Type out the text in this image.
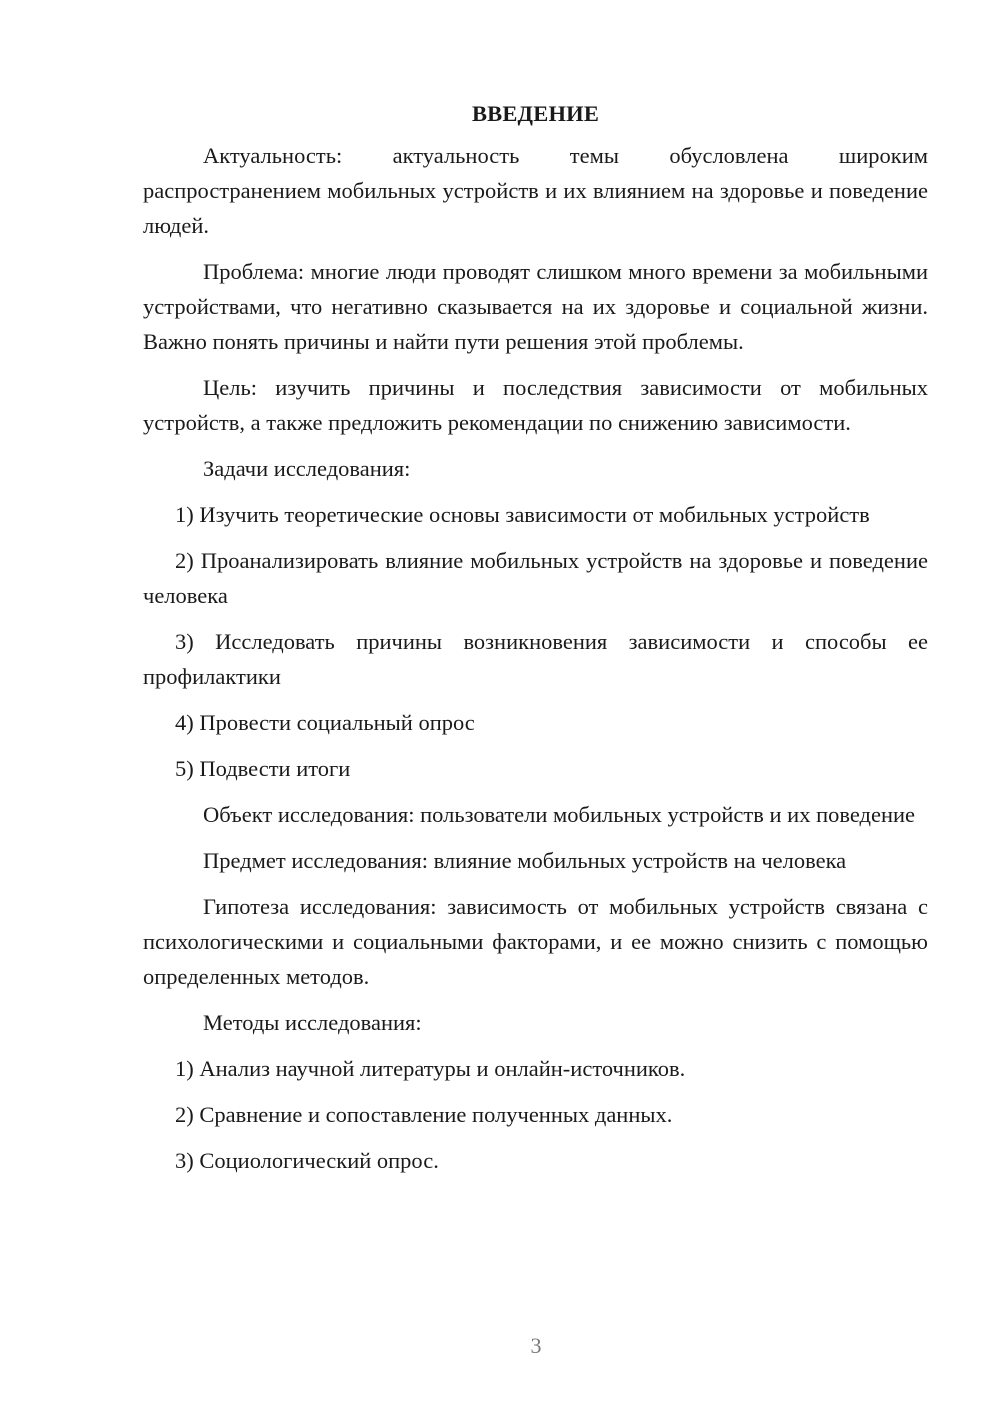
ВВЕДЕНИЕ

Актуальность: актуальность темы обусловлена широким распространением мобильных устройств и их влиянием на здоровье и поведение людей.

Проблема: многие люди проводят слишком много времени за мобильными устройствами, что негативно сказывается на их здоровье и социальной жизни. Важно понять причины и найти пути решения этой проблемы.

Цель: изучить причины и последствия зависимости от мобильных устройств, а также предложить рекомендации по снижению зависимости.

Задачи исследования:

1) Изучить теоретические основы зависимости от мобильных устройств

2) Проанализировать влияние мобильных устройств на здоровье и поведение человека

3) Исследовать причины возникновения зависимости и способы ее профилактики

4) Провести социальный опрос

5) Подвести итоги

Объект исследования: пользователи мобильных устройств и их поведение

Предмет исследования: влияние мобильных устройств на человека

Гипотеза исследования: зависимость от мобильных устройств связана с психологическими и социальными факторами, и ее можно снизить с помощью определенных методов.

Методы исследования:

1) Анализ научной литературы и онлайн-источников.

2) Сравнение и сопоставление полученных данных.

3) Социологический опрос.

3
